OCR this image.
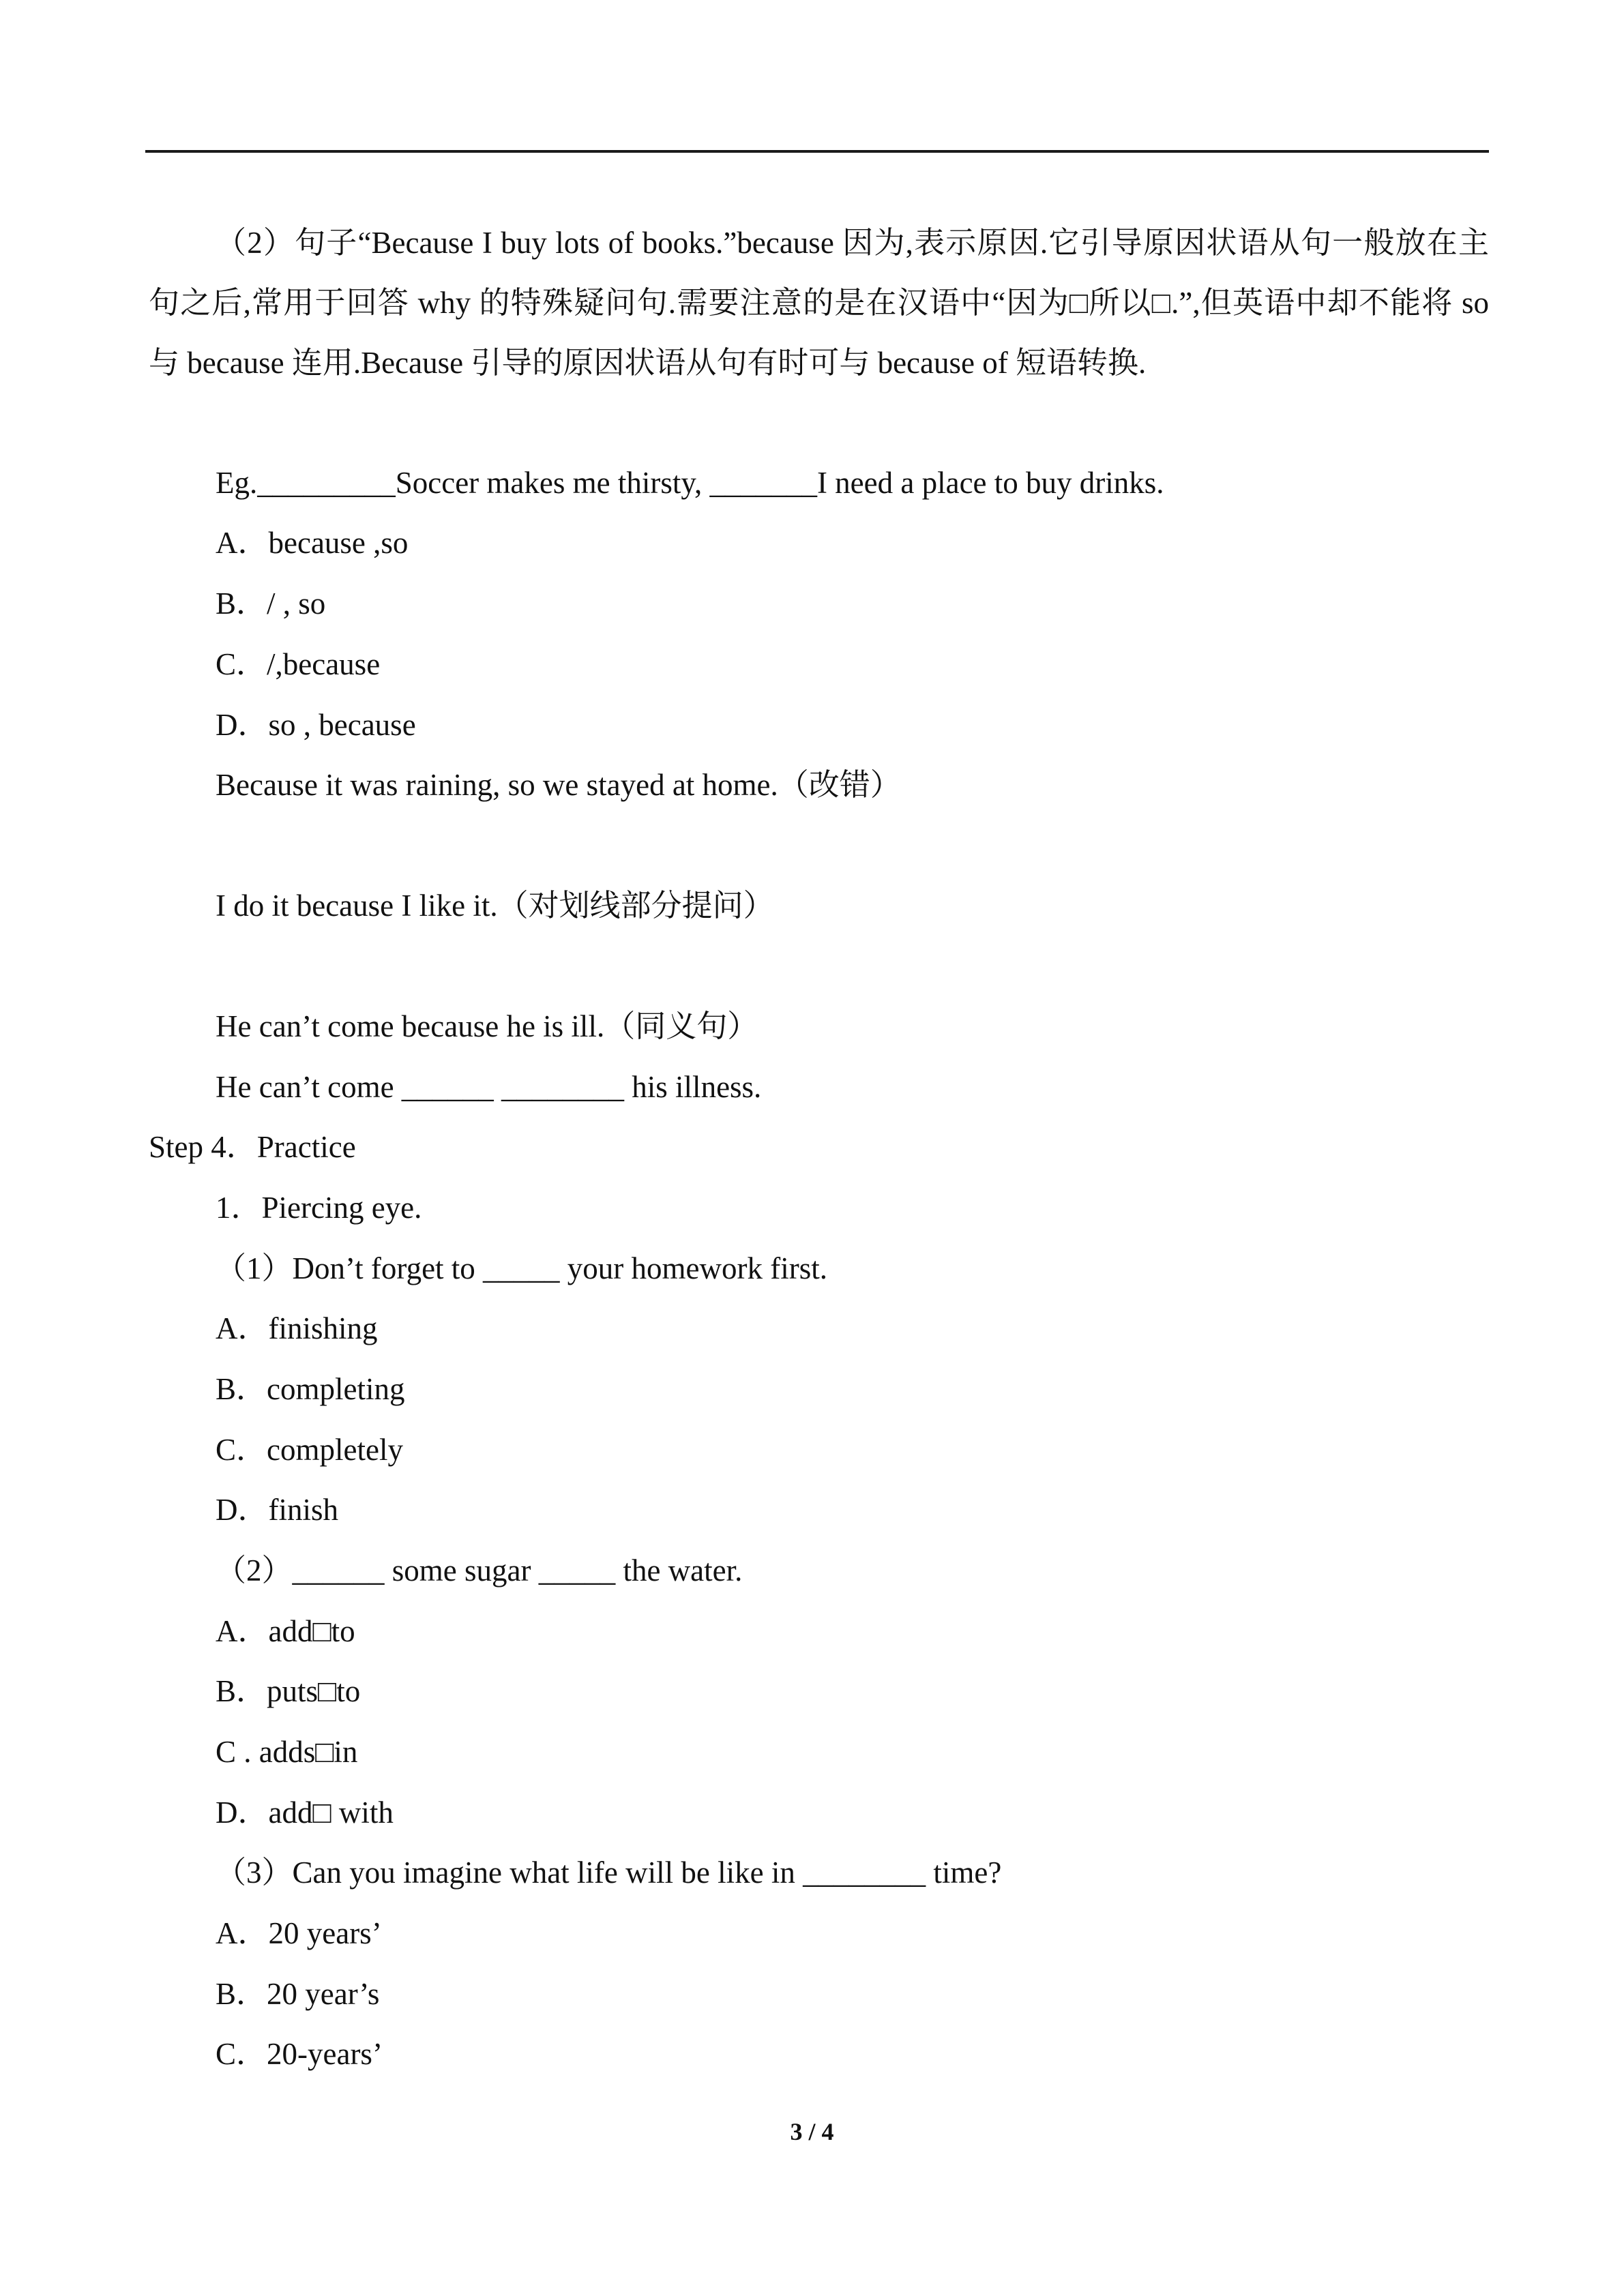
（2）句子“Because I buy lots of books.”because 因为,表示原因.它引导原因状语从句一般放在主句之后,常用于回答 why 的特殊疑问句.需要注意的是在汉语中“因为□所以□.”,但英语中却不能将 so 与 because 连用.Because 引导的原因状语从句有时可与 because of 短语转换.

Eg._________Soccer makes me thirsty, _______I need a place to buy drinks.
A．because ,so
B．/ , so
C．/,because
D．so , because
Because it was raining, so we stayed at home.（改错）
I do it because I like it.（对划线部分提问）
He can’t come because he is ill.（同义句）
He can’t come ______ ________ his illness.
Step 4．Practice
1．Piercing eye.
（1）Don’t forget to _____ your homework first.
A．finishing
B．completing
C．completely
D．finish
（2）______ some sugar _____ the water.
A．add□to
B．puts□to
C . adds□in
D．add□ with
（3）Can you imagine what life will be like in ________ time?
A．20 years’
B．20 year’s
C．20-years’
3 / 4
